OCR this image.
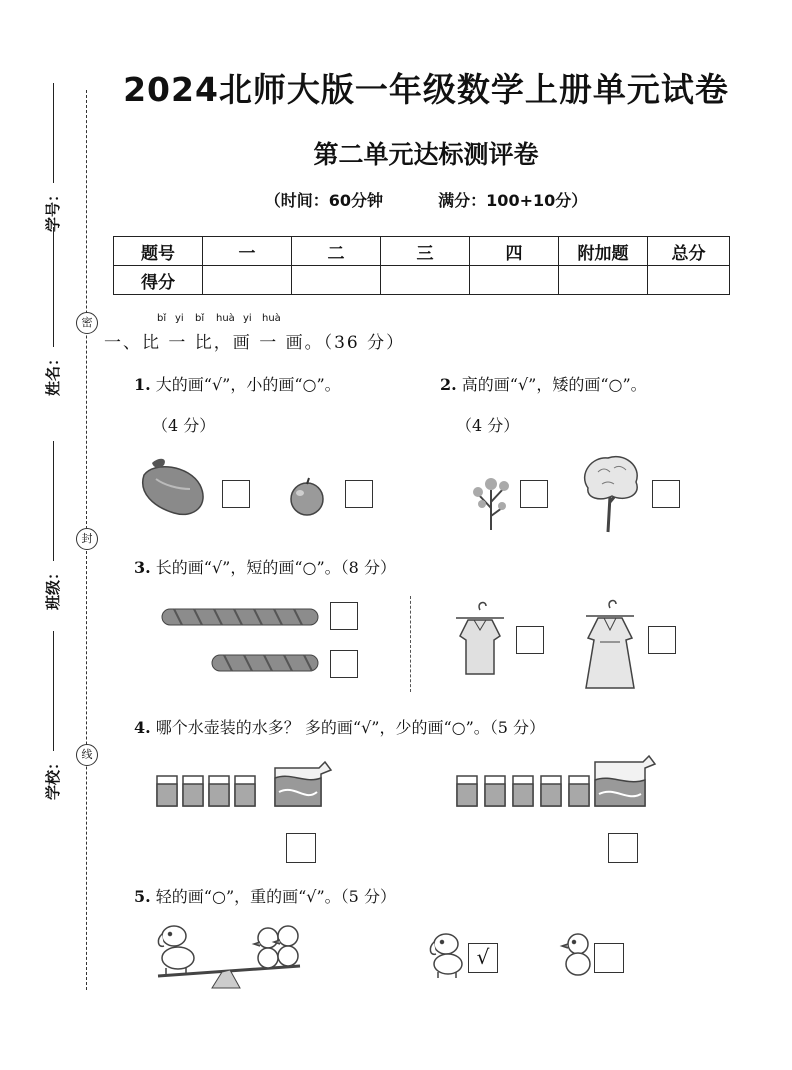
2024北师大版一年级数学上册单元试卷
第二单元达标测评卷
（时间：60分钟	满分：100+10分）
题号	一	二	三	四	附加题	总分
得分						
密
封
线
学号：
姓名：
班级：
学校：
bǐ yi bǐ huà yi huà
一、比 一 比，画 一 画。（36 分）
1. 大的画“√”，小的画“○”。
（4 分）
2. 高的画“√”，矮的画“○”。
（4 分）
3. 长的画“√”，短的画“○”。（8 分）
4. 哪个水壶装的水多？ 多的画“√”，少的画“○”。（5 分）
5. 轻的画“○”，重的画“√”。（5 分）
√
